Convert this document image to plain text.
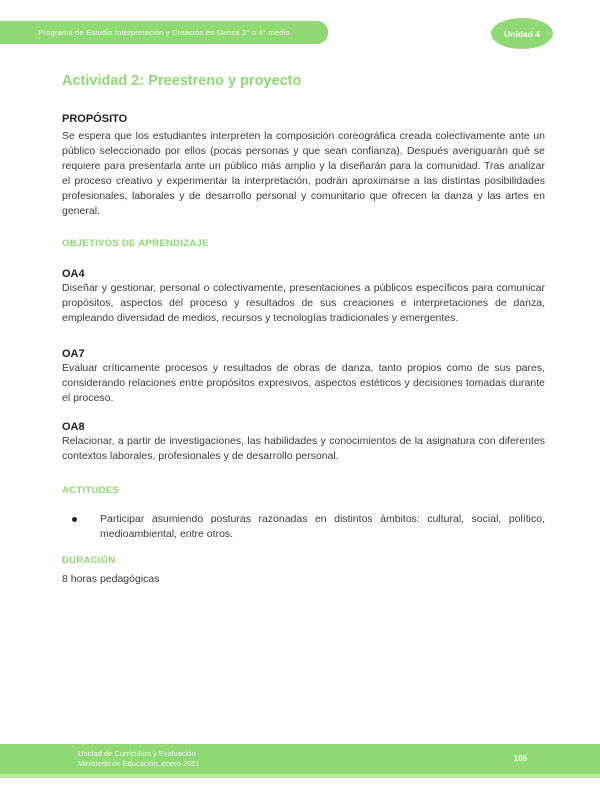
Programa de Estudio Interpretación y Creación en Danza 3° o 4° medio	Unidad 4
Actividad 2: Preestreno y proyecto
PROPÓSITO

Se espera que los estudiantes interpreten la composición coreográfica creada colectivamente ante un público seleccionado por ellos (pocas personas y que sean confianza). Después averiguarán qué se requiere para presentarla ante un público más amplio y la diseñarán para la comunidad. Tras analizar el proceso creativo y experimentar la interpretación, podrán aproximarse a las distintas posibilidades profesionales, laborales y de desarrollo personal y comunitario que ofrecen la danza y las artes en general.

OBJETIVOS DE APRENDIZAJE
OA4

Diseñar y gestionar, personal o colectivamente, presentaciones a públicos específicos para comunicar propósitos, aspectos del proceso y resultados de sus creaciones e interpretaciones de danza, empleando diversidad de medios, recursos y tecnologías tradicionales y emergentes.

OA7

Evaluar críticamente procesos y resultados de obras de danza, tanto propios como de sus pares, considerando relaciones entre propósitos expresivos, aspectos estéticos y decisiones tomadas durante el proceso.

OA8

Relacionar, a partir de investigaciones, las habilidades y conocimientos de la asignatura con diferentes contextos laborales, profesionales y de desarrollo personal.

ACTITUDES
Participar asumiendo posturas razonadas en distintos ámbitos: cultural, social, político, medioambiental, entre otros.
DURACIÓN

8 horas pedagógicas

Unidad de Currículum y Evaluación
Ministerio de Educación, enero 2021
105
